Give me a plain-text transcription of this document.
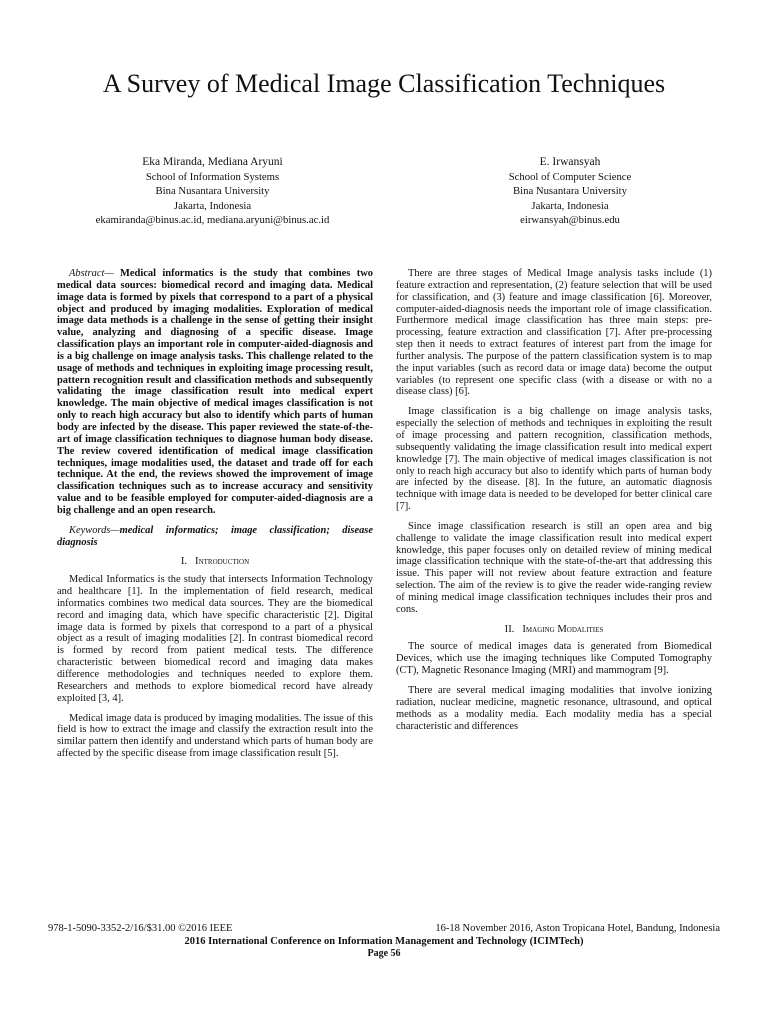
A Survey of Medical Image Classification Techniques
Eka Miranda, Mediana Aryuni
School of Information Systems
Bina Nusantara University
Jakarta, Indonesia
ekamiranda@binus.ac.id, mediana.aryuni@binus.ac.id
E. Irwansyah
School of Computer Science
Bina Nusantara University
Jakarta, Indonesia
eirwansyah@binus.edu

Abstract— Medical informatics is the study that combines two medical data sources: biomedical record and imaging data. Medical image data is formed by pixels that correspond to a part of a physical object and produced by imaging modalities. Exploration of medical image data methods is a challenge in the sense of getting their insight value, analyzing and diagnosing of a specific disease. Image classification plays an important role in computer-aided-diagnosis and is a big challenge on image analysis tasks. This challenge related to the usage of methods and techniques in exploiting image processing result, pattern recognition result and classification methods and subsequently validating the image classification result into medical expert knowledge. The main objective of medical images classification is not only to reach high accuracy but also to identify which parts of human body are infected by the disease. This paper reviewed the state-of-the-art of image classification techniques to diagnose human body disease. The review covered identification of medical image classification techniques, image modalities used, the dataset and trade off for each technique. At the end, the reviews showed the improvement of image classification techniques such as to increase accuracy and sensitivity value and to be feasible employed for computer-aided-diagnosis are a big challenge and an open research.

Keywords—medical informatics; image classification; disease diagnosis

I. Introduction

Medical Informatics is the study that intersects Information Technology and healthcare [1]. In the implementation of field research, medical informatics combines two medical data sources. They are the biomedical record and imaging data, which have specific characteristic [2]. Digital image data is formed by pixels that correspond to a part of a physical object as a result of imaging modalities [2]. In contrast biomedical record is formed by record from patient medical tests. The difference characteristic between biomedical record and imaging data makes difference methodologies and techniques needed to explore them. Researchers and methods to explore biomedical record have already exploited [3, 4].

Medical image data is produced by imaging modalities. The issue of this field is how to extract the image and classify the extraction result into the similar pattern then identify and understand which parts of human body are affected by the specific disease from image classification result [5].

There are three stages of Medical Image analysis tasks include (1) feature extraction and representation, (2) feature selection that will be used for classification, and (3) feature and image classification [6]. Moreover, computer-aided-diagnosis needs the important role of image classification. Furthermore medical image classification has three main steps: pre-processing, feature extraction and classification [7]. After pre-processing step then it needs to extract features of interest part from the image for further analysis. The purpose of the pattern classification system is to map the input variables (such as record data or image data) become the output variables (to represent one specific class (with a disease or with no a disease class) [6].

Image classification is a big challenge on image analysis tasks, especially the selection of methods and techniques in exploiting the result of image processing and pattern recognition, classification methods, subsequently validating the image classification result into medical expert knowledge [7]. The main objective of medical images classification is not only to reach high accuracy but also to identify which parts of human body are infected by the disease. [8]. In the future, an automatic diagnosis technique with image data is needed to be developed for better clinical care [7].

Since image classification research is still an open area and big challenge to validate the image classification result into medical expert knowledge, this paper focuses only on detailed review of mining medical image classification technique with the state-of-the-art that addressing this issue. This paper will not review about feature extraction and feature selection. The aim of the review is to give the reader wide-ranging review of mining medical image classification techniques includes their pros and cons.

II. Imaging Modalities

The source of medical images data is generated from Biomedical Devices, which use the imaging techniques like Computed Tomography (CT), Magnetic Resonance Imaging (MRI) and mammogram [9].

There are several medical imaging modalities that involve ionizing radiation, nuclear medicine, magnetic resonance, ultrasound, and optical methods as a modality media. Each modality media has a special characteristic and differences

978-1-5090-3352-2/16/$31.00 ©2016 IEEE	16-18 November 2016, Aston Tropicana Hotel, Bandung, Indonesia
2016 International Conference on Information Management and Technology (ICIMTech)
Page 56
